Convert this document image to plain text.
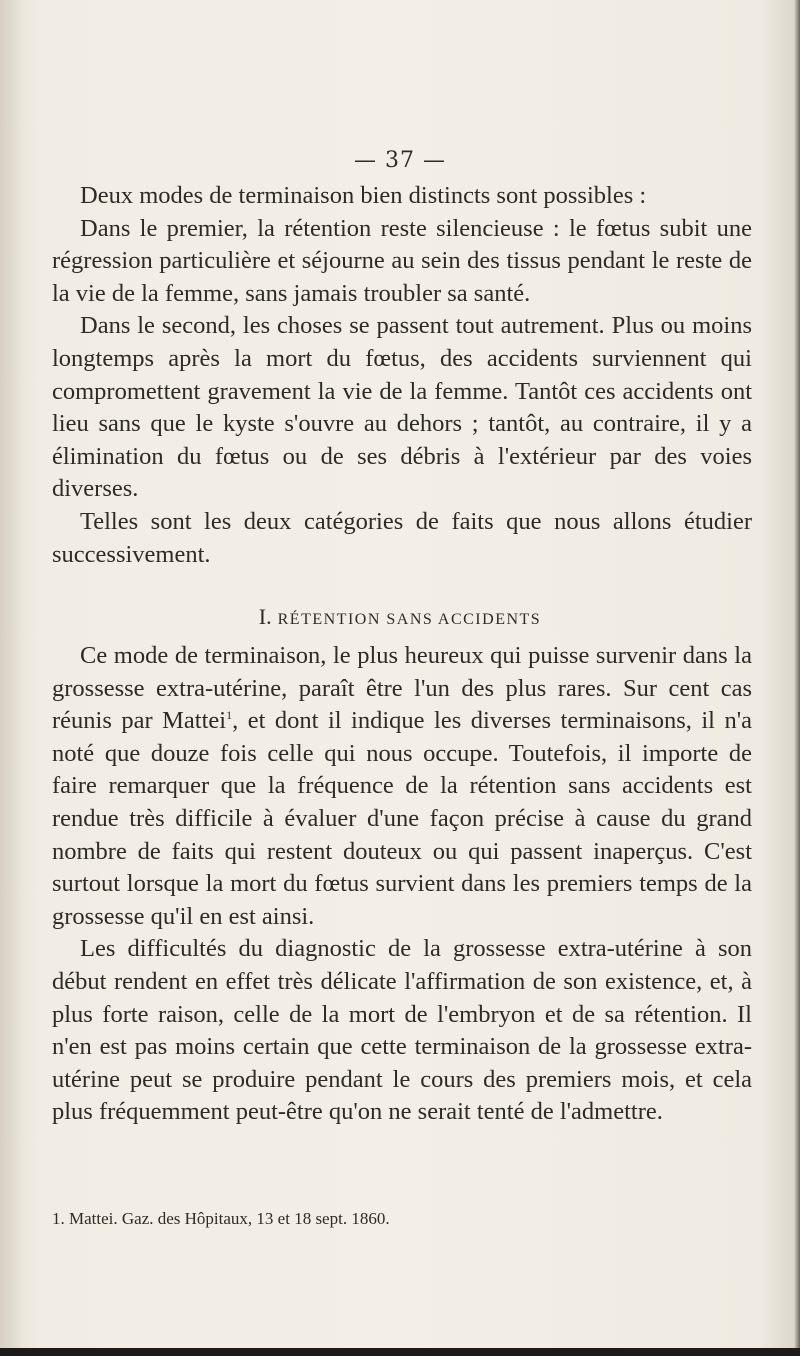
— 37 —

Deux modes de terminaison bien distincts sont possibles :

Dans le premier, la rétention reste silencieuse : le fœtus subit une régression particulière et séjourne au sein des tissus pendant le reste de la vie de la femme, sans jamais troubler sa santé.

Dans le second, les choses se passent tout autrement. Plus ou moins longtemps après la mort du fœtus, des accidents surviennent qui compromettent gravement la vie de la femme. Tantôt ces accidents ont lieu sans que le kyste s'ouvre au dehors ; tantôt, au contraire, il y a élimination du fœtus ou de ses débris à l'extérieur par des voies diverses.

Telles sont les deux catégories de faits que nous allons étudier successivement.

I. RÉTENTION SANS ACCIDENTS

Ce mode de terminaison, le plus heureux qui puisse survenir dans la grossesse extra-utérine, paraît être l'un des plus rares. Sur cent cas réunis par Mattei$^1$, et dont il indique les diverses terminaisons, il n'a noté que douze fois celle qui nous occupe. Toutefois, il importe de faire remarquer que la fréquence de la rétention sans accidents est rendue très difficile à évaluer d'une façon précise à cause du grand nombre de faits qui restent douteux ou qui passent inaperçus. C'est surtout lorsque la mort du fœtus survient dans les premiers temps de la grossesse qu'il en est ainsi.

Les difficultés du diagnostic de la grossesse extra-utérine à son début rendent en effet très délicate l'affirmation de son existence, et, à plus forte raison, celle de la mort de l'embryon et de sa rétention. Il n'en est pas moins certain que cette terminaison de la grossesse extra-utérine peut se produire pendant le cours des premiers mois, et cela plus fréquemment peut-être qu'on ne serait tenté de l'admettre.

1. Mattei. Gaz. des Hôpitaux, 13 et 18 sept. 1860.
